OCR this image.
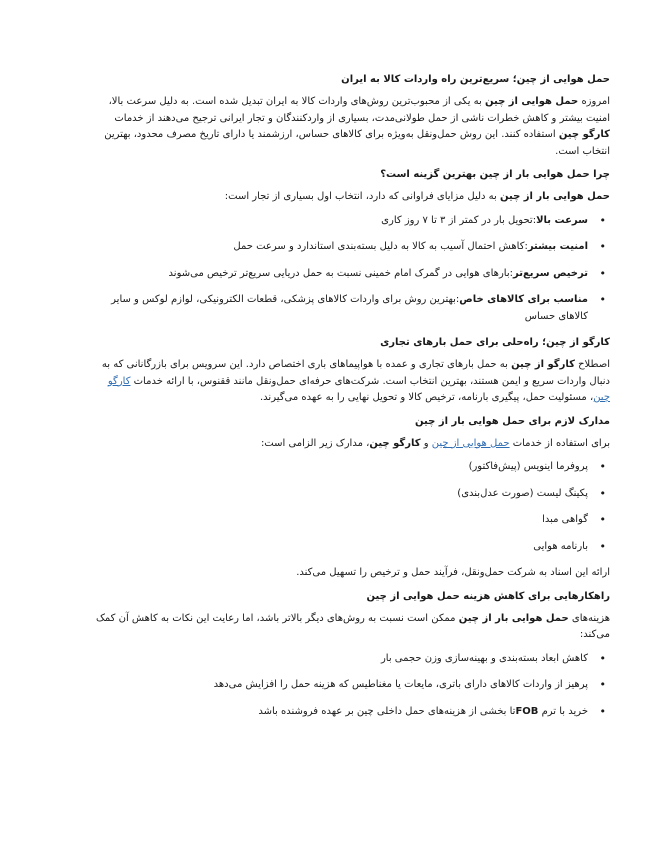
حمل هوایی از چین؛ سریع‌ترین راه واردات کالا به ایران

امروزه حمل هوایی از چین به یکی از محبوب‌ترین روش‌های واردات کالا به ایران تبدیل شده است. به دلیل سرعت بالا، امنیت بیشتر و کاهش خطرات ناشی از حمل طولانی‌مدت، بسیاری از واردکنندگان و تجار ایرانی ترجیح می‌دهند از خدمات کارگو چین استفاده کنند. این روش حمل‌ونقل به‌ویژه برای کالاهای حساس، ارزشمند یا دارای تاریخ مصرف محدود، بهترین انتخاب است.

چرا حمل هوایی بار از چین بهترین گزینه است؟

حمل هوایی بار از چین به دلیل مزایای فراوانی که دارد، انتخاب اول بسیاری از تجار است:

• سرعت بالا:تحویل بار در کمتر از ۳ تا ۷ روز کاری
• امنیت بیشتر:کاهش احتمال آسیب به کالا به دلیل بسته‌بندی استاندارد و سرعت حمل
• ترخیص سریع‌تر:بارهای هوایی در گمرک امام خمینی نسبت به حمل دریایی سریع‌تر ترخیص می‌شوند
• مناسب برای کالاهای خاص:بهترین روش برای واردات کالاهای پزشکی، قطعات الکترونیکی، لوازم لوکس و سایر کالاهای حساس
کارگو از چین؛ راه‌حلی برای حمل بارهای تجاری

اصطلاح کارگو از چین به حمل بارهای تجاری و عمده با هواپیماهای باری اختصاص دارد. این سرویس برای بازرگانانی که به دنبال واردات سریع و ایمن هستند، بهترین انتخاب است. شرکت‌های حرفه‌ای حمل‌ونقل مانند ققنوس، با ارائه خدمات کارگو چین، مسئولیت حمل، پیگیری بارنامه، ترخیص کالا و تحویل نهایی را به عهده می‌گیرند.

مدارک لازم برای حمل هوایی بار از چین

برای استفاده از خدمات حمل هوایی از چین و کارگو چین، مدارک زیر الزامی است:

• پروفرما اینویس (پیش‌فاکتور)
• پکینگ لیست (صورت عدل‌بندی)
• گواهی مبدا
• بارنامه هوایی

ارائه این اسناد به شرکت حمل‌ونقل، فرآیند حمل و ترخیص را تسهیل می‌کند.

راهکارهایی برای کاهش هزینه حمل هوایی از چین

هزینه‌های حمل هوایی بار از چین ممکن است نسبت به روش‌های دیگر بالاتر باشد، اما رعایت این نکات به کاهش آن کمک می‌کند:

• کاهش ابعاد بسته‌بندی و بهینه‌سازی وزن حجمی بار
• پرهیز از واردات کالاهای دارای باتری، مایعات یا مغناطیس که هزینه حمل را افزایش می‌دهد
• خرید با ترم FOBتا بخشی از هزینه‌های حمل داخلی چین بر عهده فروشنده باشد
